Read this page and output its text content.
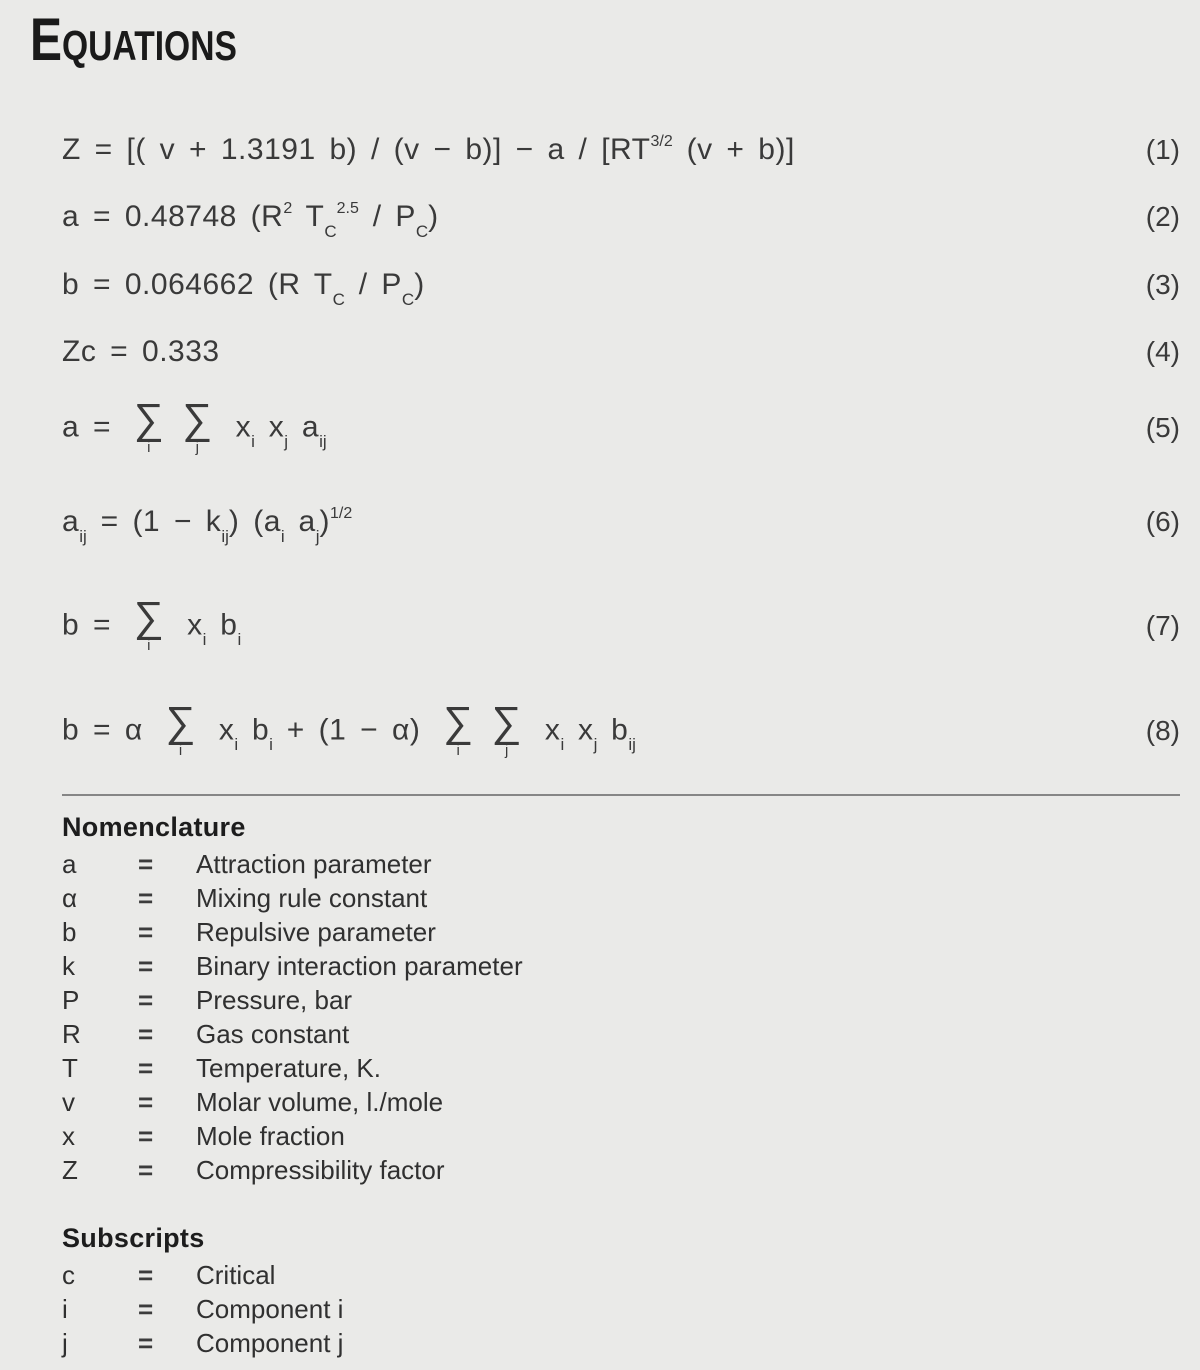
EQUATIONS
Z = [( v + 1.3191 $b) / (v - b)] - a / [RT^{3/2}$ (v + b)]	(1)
a = 0.48748 ($R^2$ $T_C^{2.5} / P_C$)	(2)
b = 0.064662 (R $T_C / P_C$)	(3)
Zc = 0.333	(4)
a = ∑
i
∑
j
$x_i$ $x_j$ $a_{ij}$	(5)
$a_{ij} = (1 - k_{ij})$ ($a_i$ $a_j)^{1/2}$	(6)
b = ∑
i
$x_i$ $b_i$	(7)
b = α ∑
i
$x_i$ $b_i + (1 - \alpha)$ ∑
i
∑
j
$x_i$ $x_j$ $b_{ij}$	(8)
Nomenclature
a	=	Attraction parameter
α	=	Mixing rule constant
b	=	Repulsive parameter
k	=	Binary interaction parameter
P	=	Pressure, bar
R	=	Gas constant
T	=	Temperature, K.
v	=	Molar volume, l./mole
x	=	Mole fraction
Z	=	Compressibility factor
Subscripts
c	=	Critical
i	=	Component i
j	=	Component j
